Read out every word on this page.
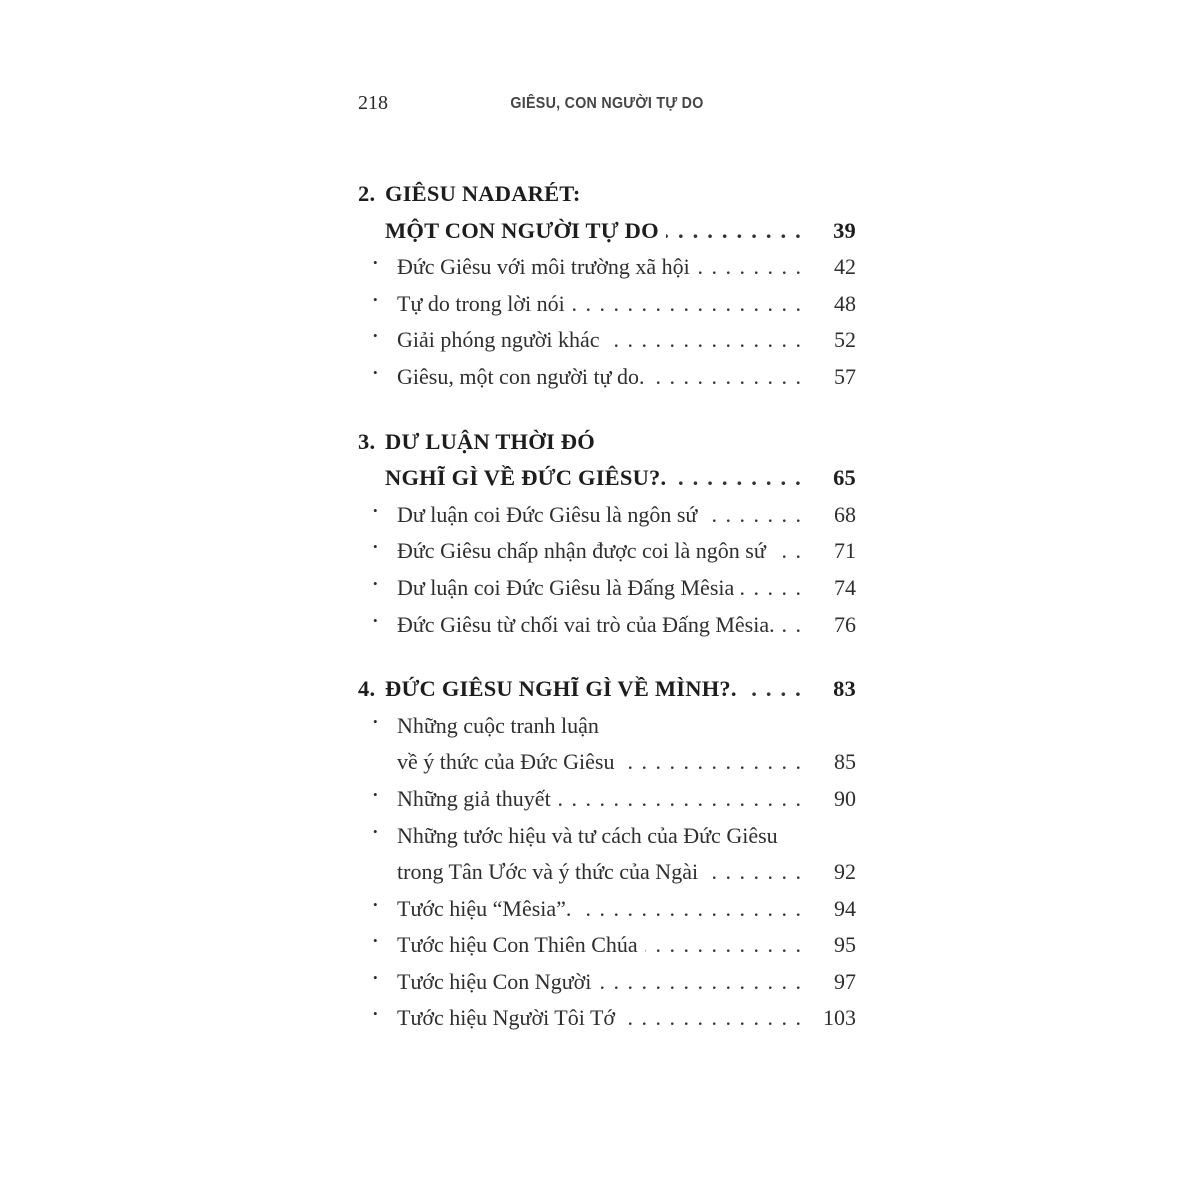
218	GIÊSU, CON NGƯỜI TỰ DO
2. GIÊSU NADARÉT:
MỘT CON NGƯỜI TỰ DO . . .	39
• Đức Giêsu với môi trường xã hội . . .	42
• Tự do trong lời nói . . .	48
• Giải phóng người khác . . .	52
• Giêsu, một con người tự do. . . .	57
3. DƯ LUẬN THỜI ĐÓ
NGHĨ GÌ VỀ ĐỨC GIÊSU?. . . .	65
• Dư luận coi Đức Giêsu là ngôn sứ . . .	68
• Đức Giêsu chấp nhận được coi là ngôn sứ . . .	71
• Dư luận coi Đức Giêsu là Đấng Mêsia . . .	74
• Đức Giêsu từ chối vai trò của Đấng Mêsia. . . .	76
4. ĐỨC GIÊSU NGHĨ GÌ VỀ MÌNH?. . . .	83
• Những cuộc tranh luận
về ý thức của Đức Giêsu . . .	85
• Những giả thuyết . . .	90
• Những tước hiệu và tư cách của Đức Giêsu
trong Tân Ước và ý thức của Ngài . . .	92
• Tước hiệu “Mêsia”. . . .	94
• Tước hiệu Con Thiên Chúa . . .	95
• Tước hiệu Con Người . . .	97
• Tước hiệu Người Tôi Tớ . . .	103
